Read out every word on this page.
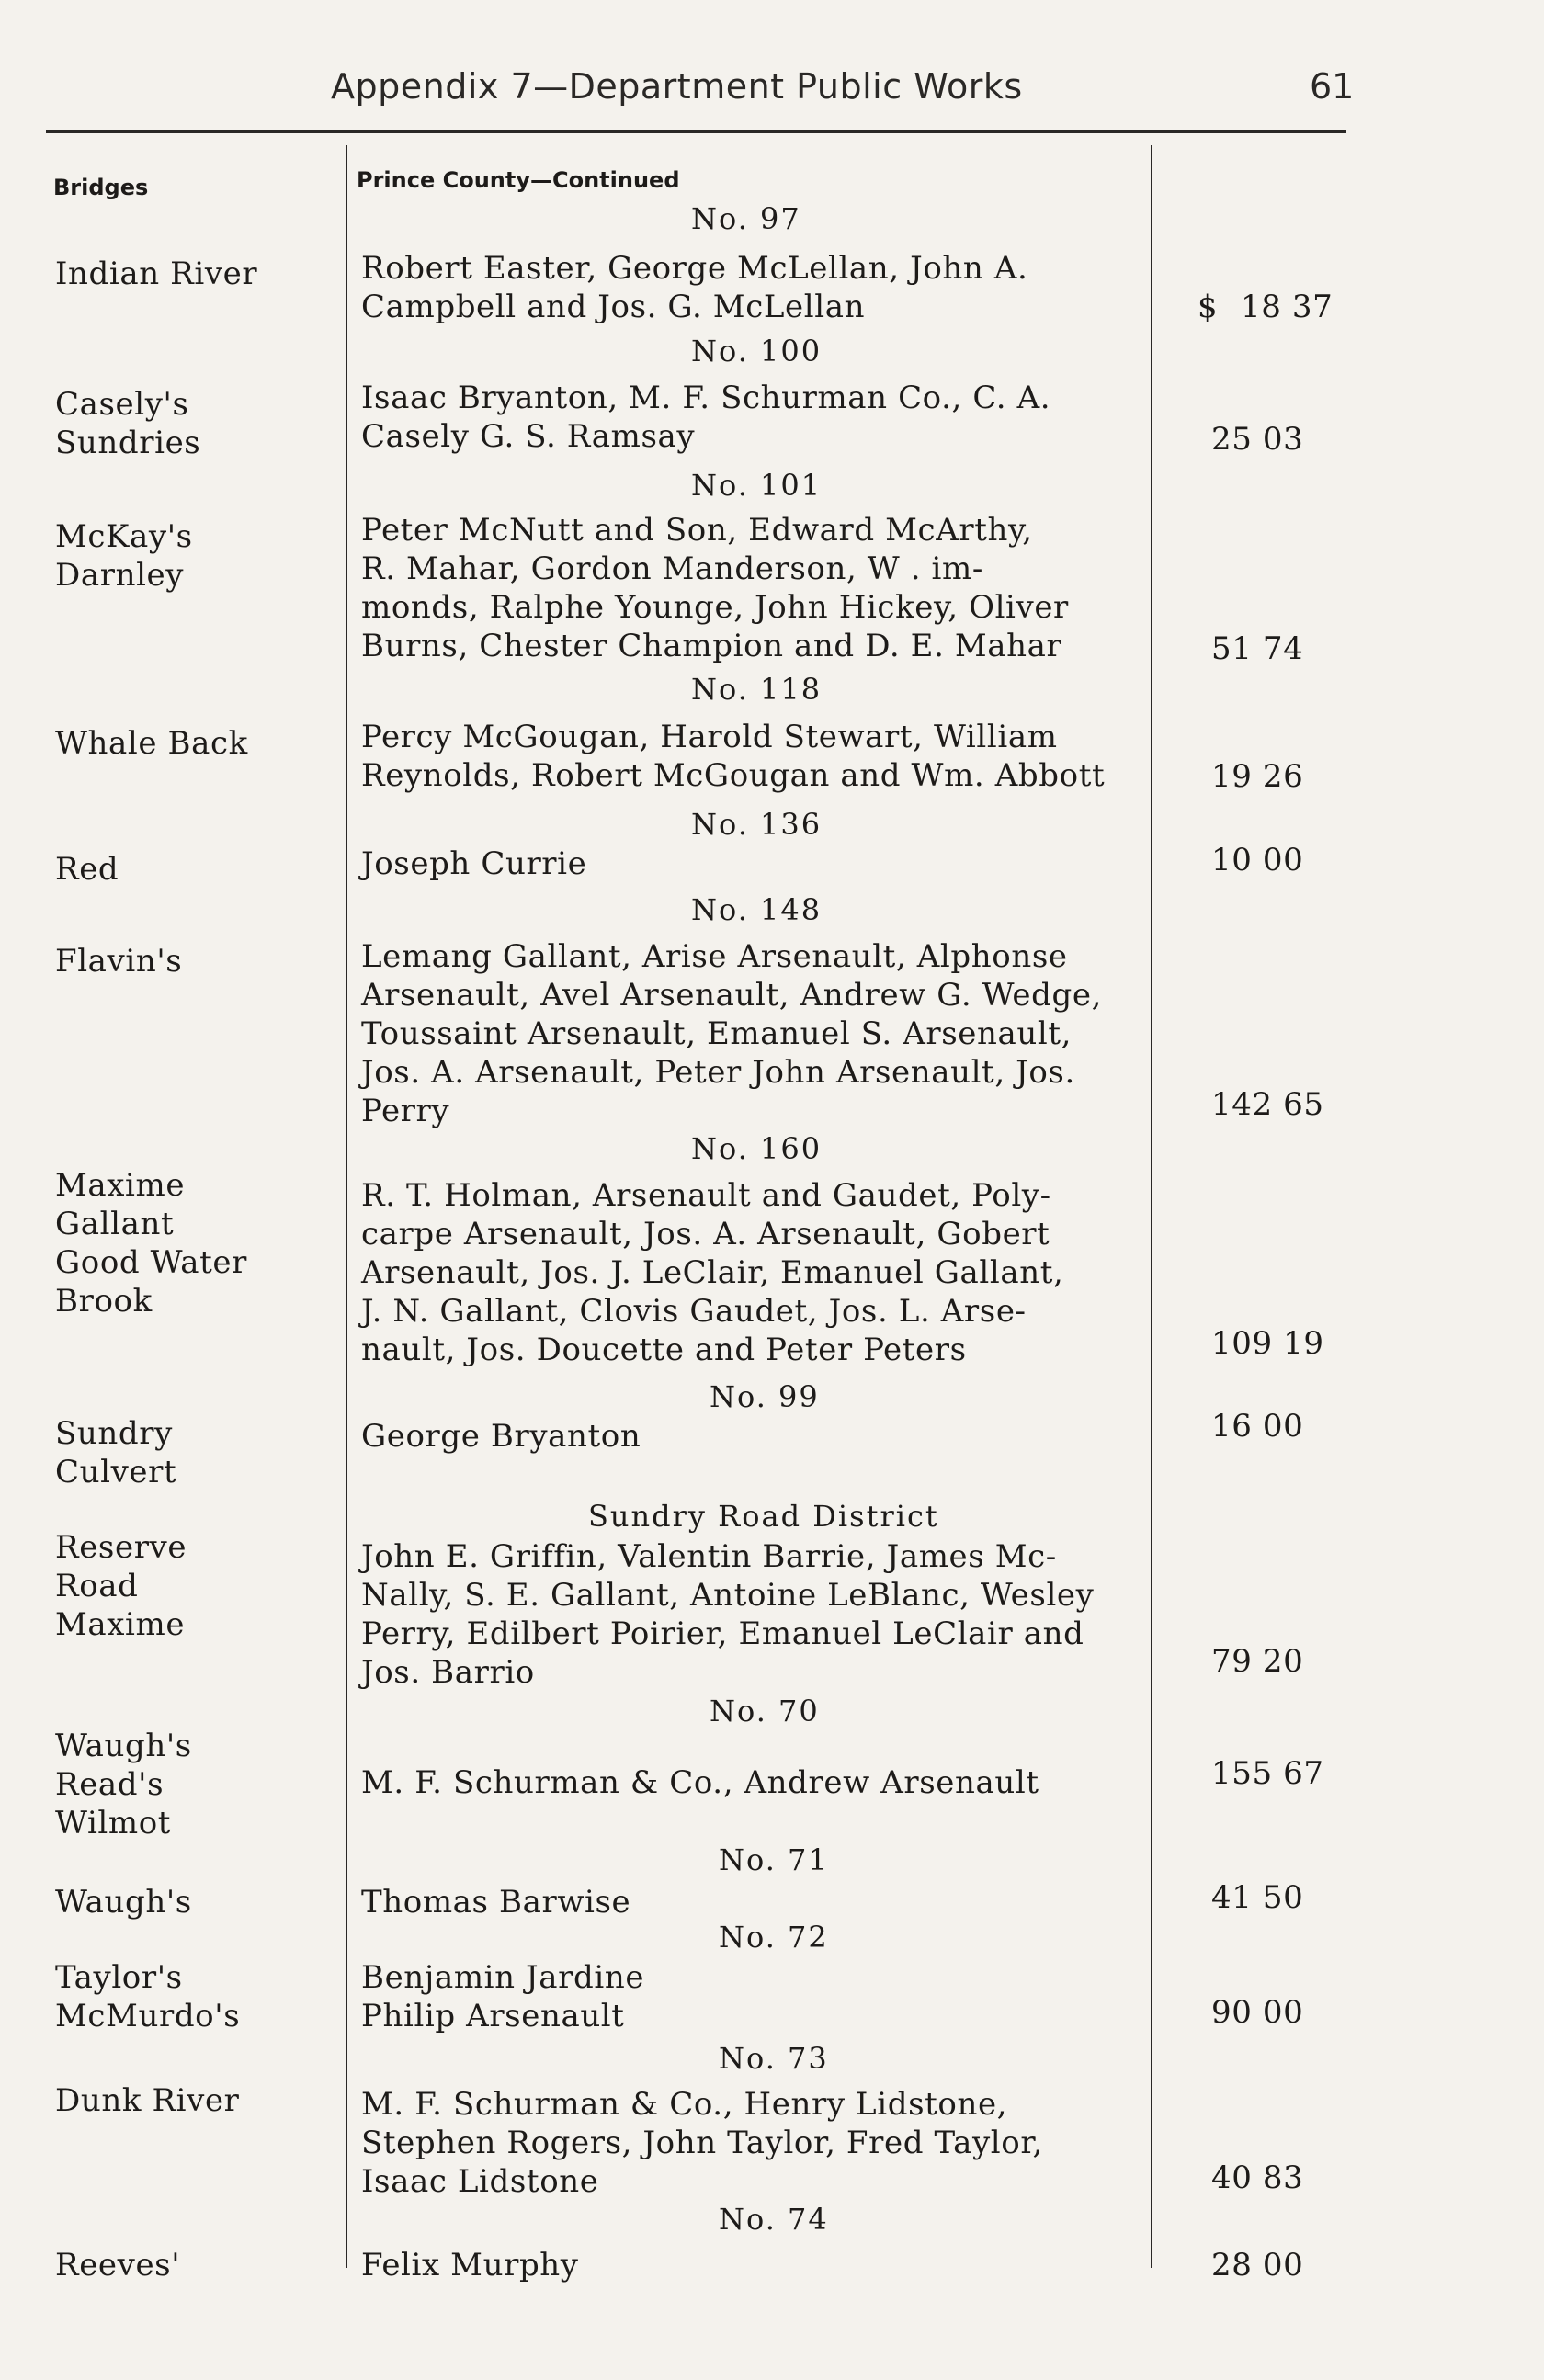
Appendix 7—Department Public Works	61
Bridges	Prince County—Continued
No. 97
Indian River	Robert Easter, George McLellan, John A.
Campbell and Jos. G. McLellan	18 37
$
No. 100
Casely's
Sundries
Isaac Bryanton, M. F. Schurman Co., C. A.
Casely G. S. Ramsay	25 03
No. 101
McKay's
Darnley
Peter McNutt and Son, Edward McArthy,
R. Mahar, Gordon Manderson, W . im-
monds, Ralphe Younge, John Hickey, Oliver
Burns, Chester Champion and D. E. Mahar	51 74
No. 118
Whale Back	Percy McGougan, Harold Stewart, William
Reynolds, Robert McGougan and Wm. Abbott	19 26
No. 136
Red	Joseph Currie	10 00
No. 148
Flavin's	Lemang Gallant, Arise Arsenault, Alphonse
Arsenault, Avel Arsenault, Andrew G. Wedge,
Toussaint Arsenault, Emanuel S. Arsenault,
Jos. A. Arsenault, Peter John Arsenault, Jos.
Perry	142 65
No. 160
Maxime
Gallant
Good Water
Brook
R. T. Holman, Arsenault and Gaudet, Poly-
carpe Arsenault, Jos. A. Arsenault, Gobert
Arsenault, Jos. J. LeClair, Emanuel Gallant,
J. N. Gallant, Clovis Gaudet, Jos. L. Arse-
nault, Jos. Doucette and Peter Peters	109 19
No. 99
Sundry
Culvert
George Bryanton	16 00
Sundry Road District
Reserve
Road
Maxime
John E. Griffin, Valentin Barrie, James Mc-
Nally, S. E. Gallant, Antoine LeBlanc, Wesley
Perry, Edilbert Poirier, Emanuel LeClair and
Jos. Barrio	79 20
No. 70
Waugh's
Read's
Wilmot
M. F. Schurman & Co., Andrew Arsenault	155 67
No. 71
Waugh's	Thomas Barwise	41 50
No. 72
Taylor's
McMurdo's
Benjamin Jardine
Philip Arsenault	90 00
No. 73
Dunk River	M. F. Schurman & Co., Henry Lidstone,
Stephen Rogers, John Taylor, Fred Taylor,
Isaac Lidstone	40 83
No. 74
Reeves'	Felix Murphy	28 00
